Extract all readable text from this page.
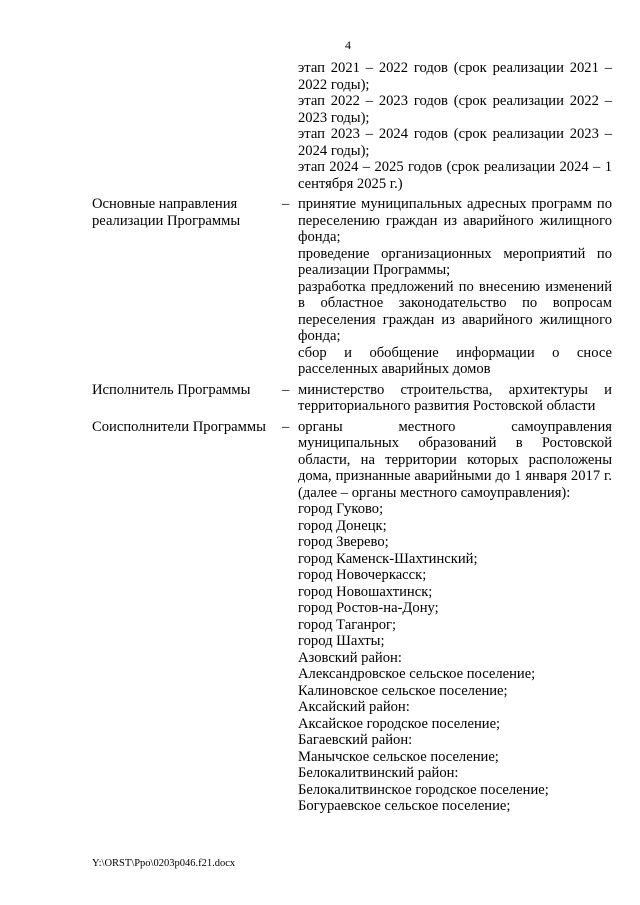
4

этап 2021 – 2022 годов (срок реализации 2021 – 2022 годы);

этап 2022 – 2023 годов (срок реализации 2022 – 2023 годы);

этап 2023 – 2024 годов (срок реализации 2023 – 2024 годы);

этап 2024 – 2025 годов (срок реализации 2024 – 1 сентября 2025 г.)

Основные направления реализации Программы
– принятие муниципальных адресных программ по переселению граждан из аварийного жилищного фонда;

проведение организационных мероприятий по реализации Программы;

разработка предложений по внесению изменений в областное законодательство по вопросам переселения граждан из аварийного жилищного фонда;

сбор и обобщение информации о сносе расселенных аварийных домов

Исполнитель Программы	– министерство строительства, архитектуры и территориального развития Ростовской области

Соисполнители Программы	– органы местного самоуправления муниципальных образований в Ростовской области, на территории которых расположены дома, признанные аварийными до 1 января 2017 г. (далее – органы местного самоуправления):

город Гуково;

город Донецк;

город Зверево;

город Каменск-Шахтинский;

город Новочеркасск;

город Новошахтинск;

город Ростов-на-Дону;

город Таганрог;

город Шахты;

Азовский район:

Александровское сельское поселение;

Калиновское сельское поселение;

Аксайский район:

Аксайское городское поселение;

Багаевский район:

Манычское сельское поселение;

Белокалитвинский район:

Белокалитвинское городское поселение;

Богураевское сельское поселение;

Y:\ORST\Ppo\0203p046.f21.docx
